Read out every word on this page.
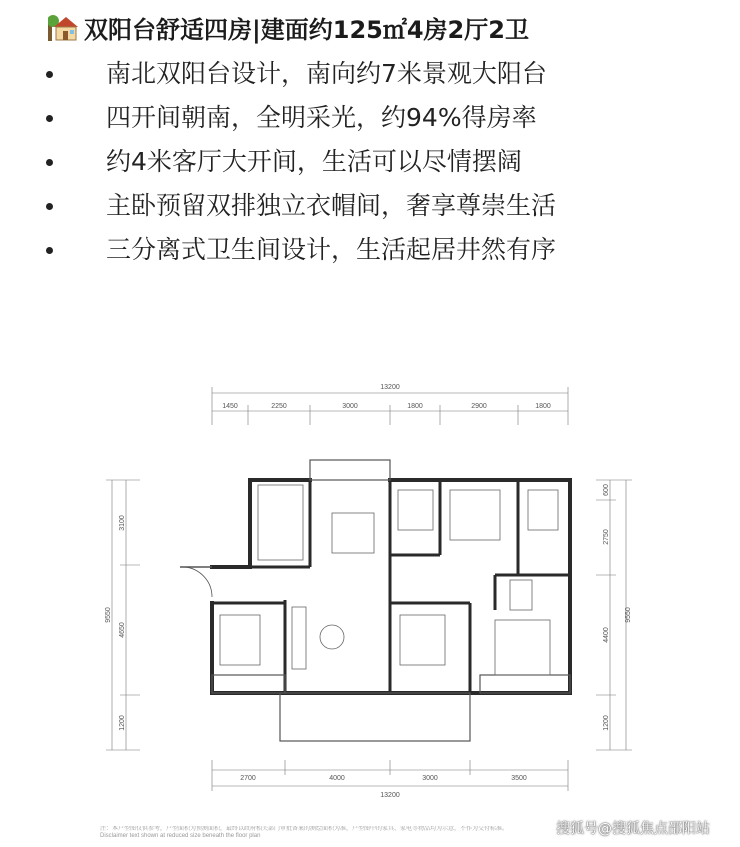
双阳台舒适四房|建面约125㎡4房2厅2卫
南北双阳台设计，南向约7米景观大阳台
四开间朝南，全明采光，约94%得房率
约4米客厅大开间，生活可以尽情摆阔
主卧预留双排独立衣帽间，奢享尊崇生活
三分离式卫生间设计，生活起居井然有序
13200
1450	2250	3000	1800	2900	1800
9550
3100
4650
1200
600
2750
4400
1200
9550
2700	4000	3000	3500
13200
注：本户型图仅供参考，户型面积为预测面积，最终以政府相关部门审批备案的测绘面积为准，户型图中的家具、家电等物品均为示意，不作为交付标准。
Disclaimer text shown at reduced size beneath the floor plan	搜狐号@搜狐焦点邵阳站
